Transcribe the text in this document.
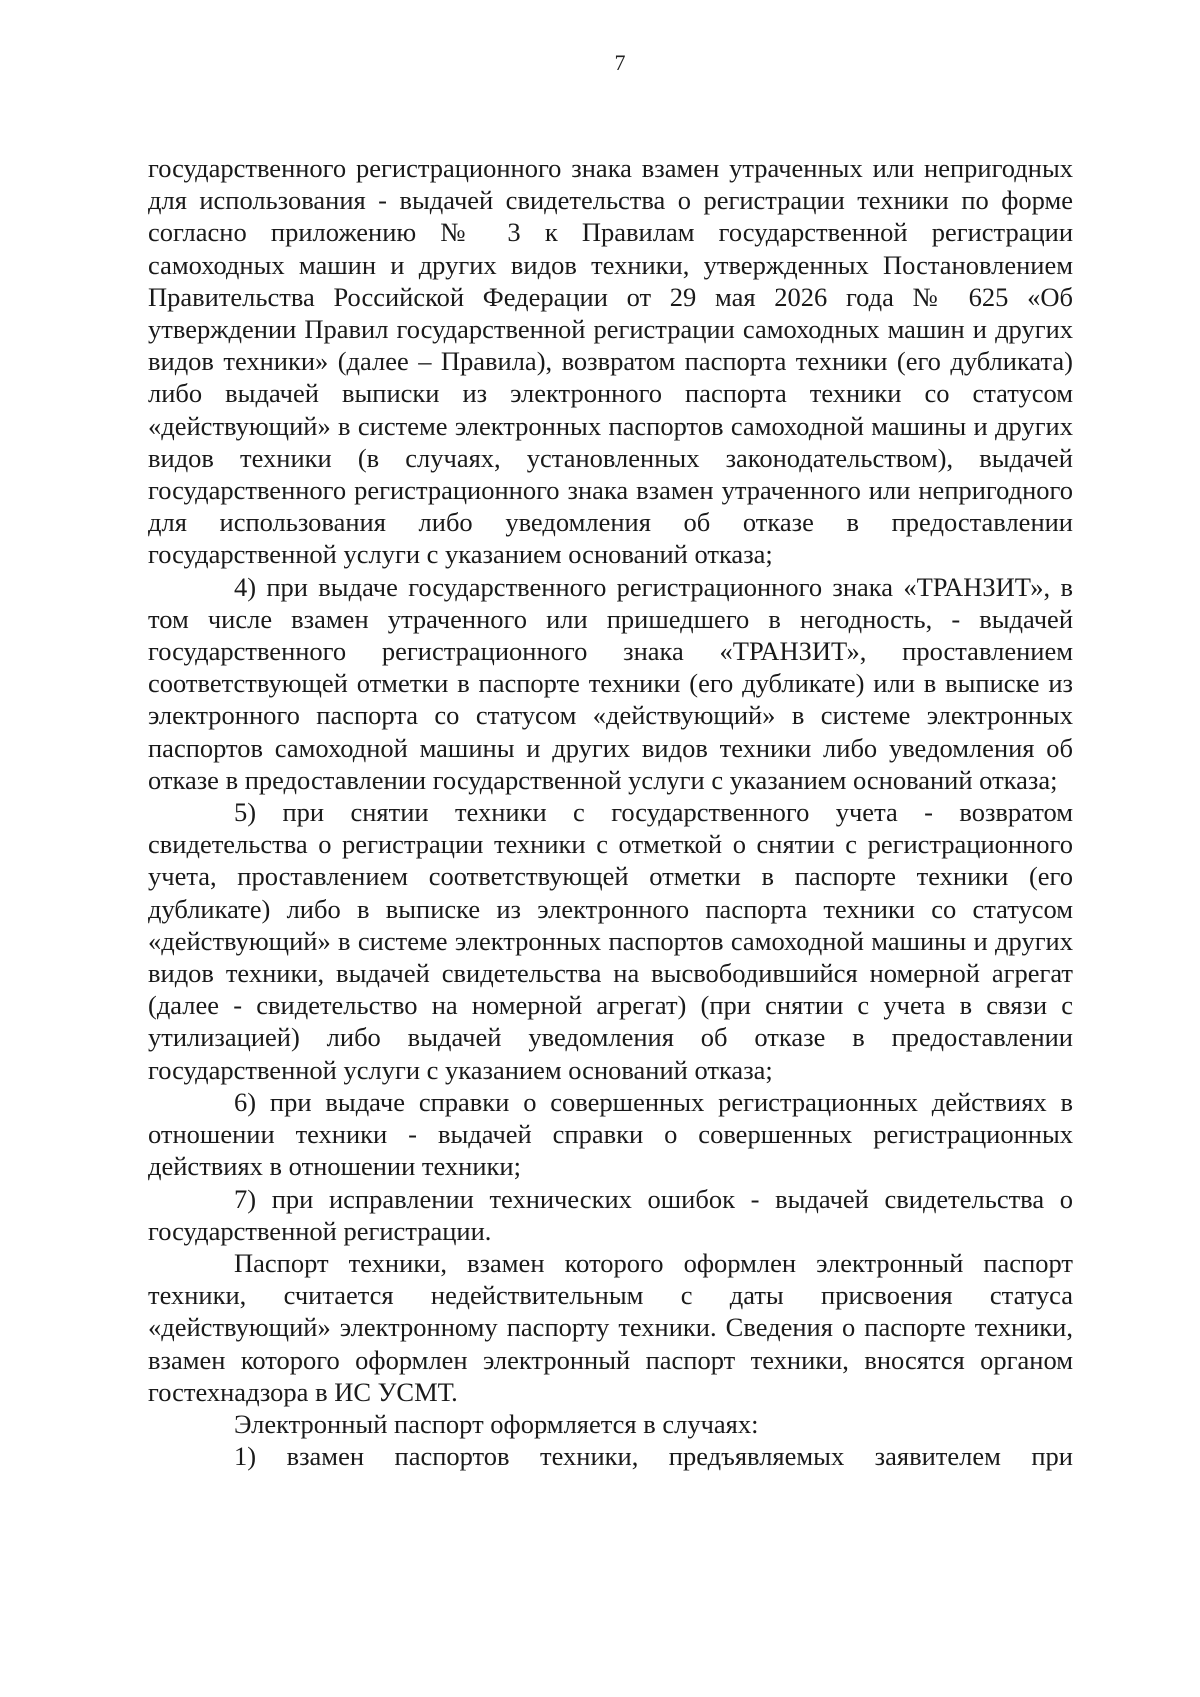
7

государственного регистрационного знака взамен утраченных или непригодных для использования - выдачей свидетельства о регистрации техники по форме согласно приложению № 3 к Правилам государственной регистрации самоходных машин и других видов техники, утвержденных Постановлением Правительства Российской Федерации от 29 мая 2026 года № 625 «Об утверждении Правил государственной регистрации самоходных машин и других видов техники» (далее – Правила), возвратом паспорта техники (его дубликата) либо выдачей выписки из электронного паспорта техники со статусом «действующий» в системе электронных паспортов самоходной машины и других видов техники (в случаях, установленных законодательством), выдачей государственного регистрационного знака взамен утраченного или непригодного для использования либо уведомления об отказе в предоставлении государственной услуги с указанием оснований отказа;

4) при выдаче государственного регистрационного знака «ТРАНЗИТ», в том числе взамен утраченного или пришедшего в негодность, - выдачей государственного регистрационного знака «ТРАНЗИТ», проставлением соответствующей отметки в паспорте техники (его дубликате) или в выписке из электронного паспорта со статусом «действующий» в системе электронных паспортов самоходной машины и других видов техники либо уведомления об отказе в предоставлении государственной услуги с указанием оснований отказа;

5) при снятии техники с государственного учета - возвратом свидетельства о регистрации техники с отметкой о снятии с регистрационного учета, проставлением соответствующей отметки в паспорте техники (его дубликате) либо в выписке из электронного паспорта техники со статусом «действующий» в системе электронных паспортов самоходной машины и других видов техники, выдачей свидетельства на высвободившийся номерной агрегат (далее - свидетельство на номерной агрегат) (при снятии с учета в связи с утилизацией) либо выдачей уведомления об отказе в предоставлении государственной услуги с указанием оснований отказа;

6) при выдаче справки о совершенных регистрационных действиях в отношении техники - выдачей справки о совершенных регистрационных действиях в отношении техники;

7) при исправлении технических ошибок - выдачей свидетельства о государственной регистрации.

Паспорт техники, взамен которого оформлен электронный паспорт техники, считается недействительным с даты присвоения статуса «действующий» электронному паспорту техники. Сведения о паспорте техники, взамен которого оформлен электронный паспорт техники, вносятся органом гостехнадзора в ИС УСМТ.

Электронный паспорт оформляется в случаях:

1) взамен паспортов техники, предъявляемых заявителем при
